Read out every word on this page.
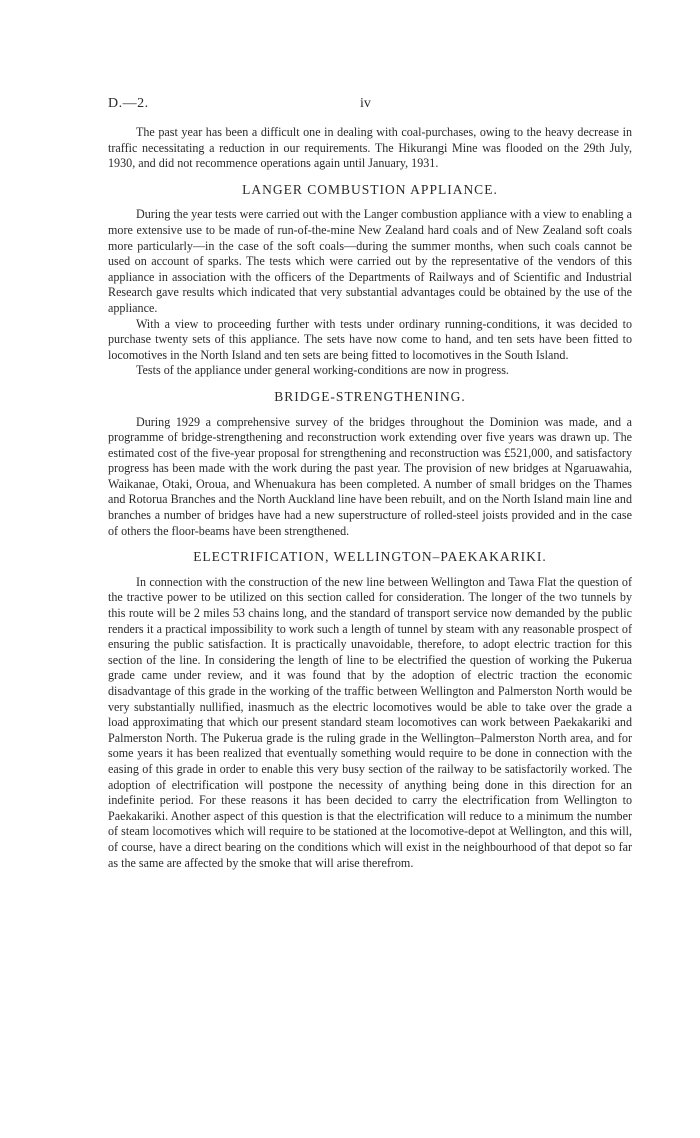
D.—2.	iv

The past year has been a difficult one in dealing with coal-purchases, owing to the heavy decrease in traffic necessitating a reduction in our requirements. The Hikurangi Mine was flooded on the 29th July, 1930, and did not recommence operations again until January, 1931.

LANGER COMBUSTION APPLIANCE.

During the year tests were carried out with the Langer combustion appliance with a view to enabling a more extensive use to be made of run-of-the-mine New Zealand hard coals and of New Zealand soft coals more particularly—in the case of the soft coals—during the summer months, when such coals cannot be used on account of sparks. The tests which were carried out by the representative of the vendors of this appliance in association with the officers of the Departments of Railways and of Scientific and Industrial Research gave results which indicated that very substantial advantages could be obtained by the use of the appliance.

With a view to proceeding further with tests under ordinary running-conditions, it was decided to purchase twenty sets of this appliance. The sets have now come to hand, and ten sets have been fitted to locomotives in the North Island and ten sets are being fitted to locomotives in the South Island.

Tests of the appliance under general working-conditions are now in progress.

BRIDGE-STRENGTHENING.

During 1929 a comprehensive survey of the bridges throughout the Dominion was made, and a programme of bridge-strengthening and reconstruction work extending over five years was drawn up. The estimated cost of the five-year proposal for strengthening and reconstruction was £521,000, and satisfactory progress has been made with the work during the past year. The provision of new bridges at Ngaruawahia, Waikanae, Otaki, Oroua, and Whenuakura has been completed. A number of small bridges on the Thames and Rotorua Branches and the North Auckland line have been rebuilt, and on the North Island main line and branches a number of bridges have had a new superstructure of rolled-steel joists provided and in the case of others the floor-beams have been strengthened.

ELECTRIFICATION, WELLINGTON–PAEKAKARIKI.

In connection with the construction of the new line between Wellington and Tawa Flat the question of the tractive power to be utilized on this section called for consideration. The longer of the two tunnels by this route will be 2 miles 53 chains long, and the standard of transport service now demanded by the public renders it a practical impossibility to work such a length of tunnel by steam with any reasonable prospect of ensuring the public satisfaction. It is practically unavoidable, therefore, to adopt electric traction for this section of the line. In considering the length of line to be electrified the question of working the Pukerua grade came under review, and it was found that by the adoption of electric traction the economic disadvantage of this grade in the working of the traffic between Wellington and Palmerston North would be very substantially nullified, inasmuch as the electric locomotives would be able to take over the grade a load approximating that which our present standard steam locomotives can work between Paekakariki and Palmerston North. The Pukerua grade is the ruling grade in the Wellington–Palmerston North area, and for some years it has been realized that eventually something would require to be done in connection with the easing of this grade in order to enable this very busy section of the railway to be satisfactorily worked. The adoption of electrification will postpone the necessity of anything being done in this direction for an indefinite period. For these reasons it has been decided to carry the electrification from Wellington to Paekakariki. Another aspect of this question is that the electrification will reduce to a minimum the number of steam locomotives which will require to be stationed at the locomotive-depot at Wellington, and this will, of course, have a direct bearing on the conditions which will exist in the neighbourhood of that depot so far as the same are affected by the smoke that will arise therefrom.
